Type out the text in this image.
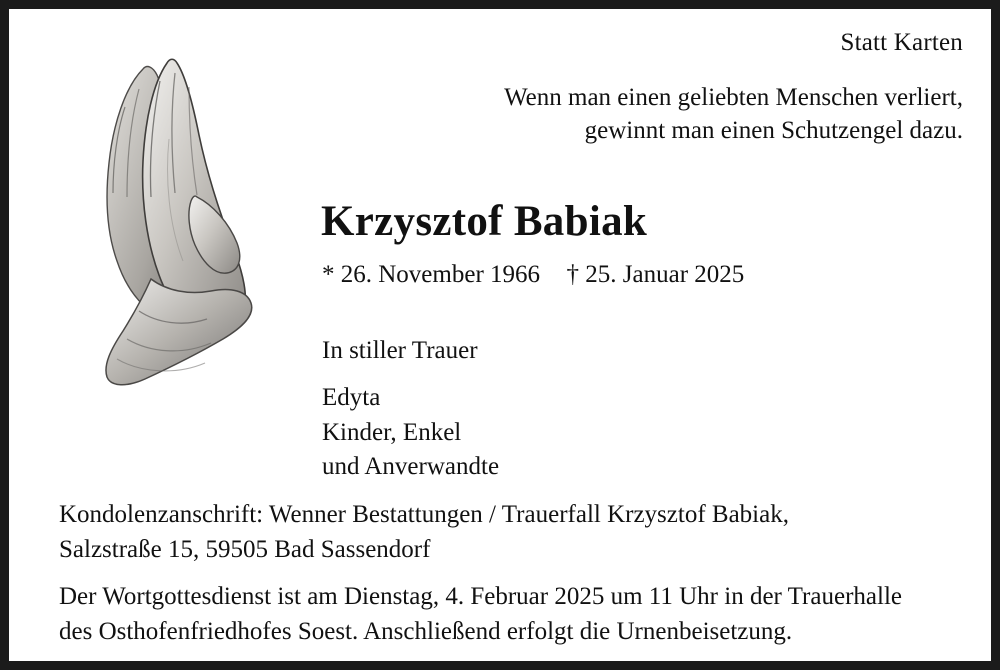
Statt Karten
Wenn man einen geliebten Menschen verliert,
gewinnt man einen Schutzengel dazu.
Krzysztof Babiak
* 26. November 1966 † 25. Januar 2025
In stiller Trauer
Edyta
Kinder, Enkel
und Anverwandte
Kondolenzanschrift: Wenner Bestattungen / Trauerfall Krzysztof Babiak,
Salzstraße 15, 59505 Bad Sassendorf
Der Wortgottesdienst ist am Dienstag, 4. Februar 2025 um 11 Uhr in der Trauerhalle
des Osthofenfriedhofes Soest. Anschließend erfolgt die Urnenbeisetzung.
